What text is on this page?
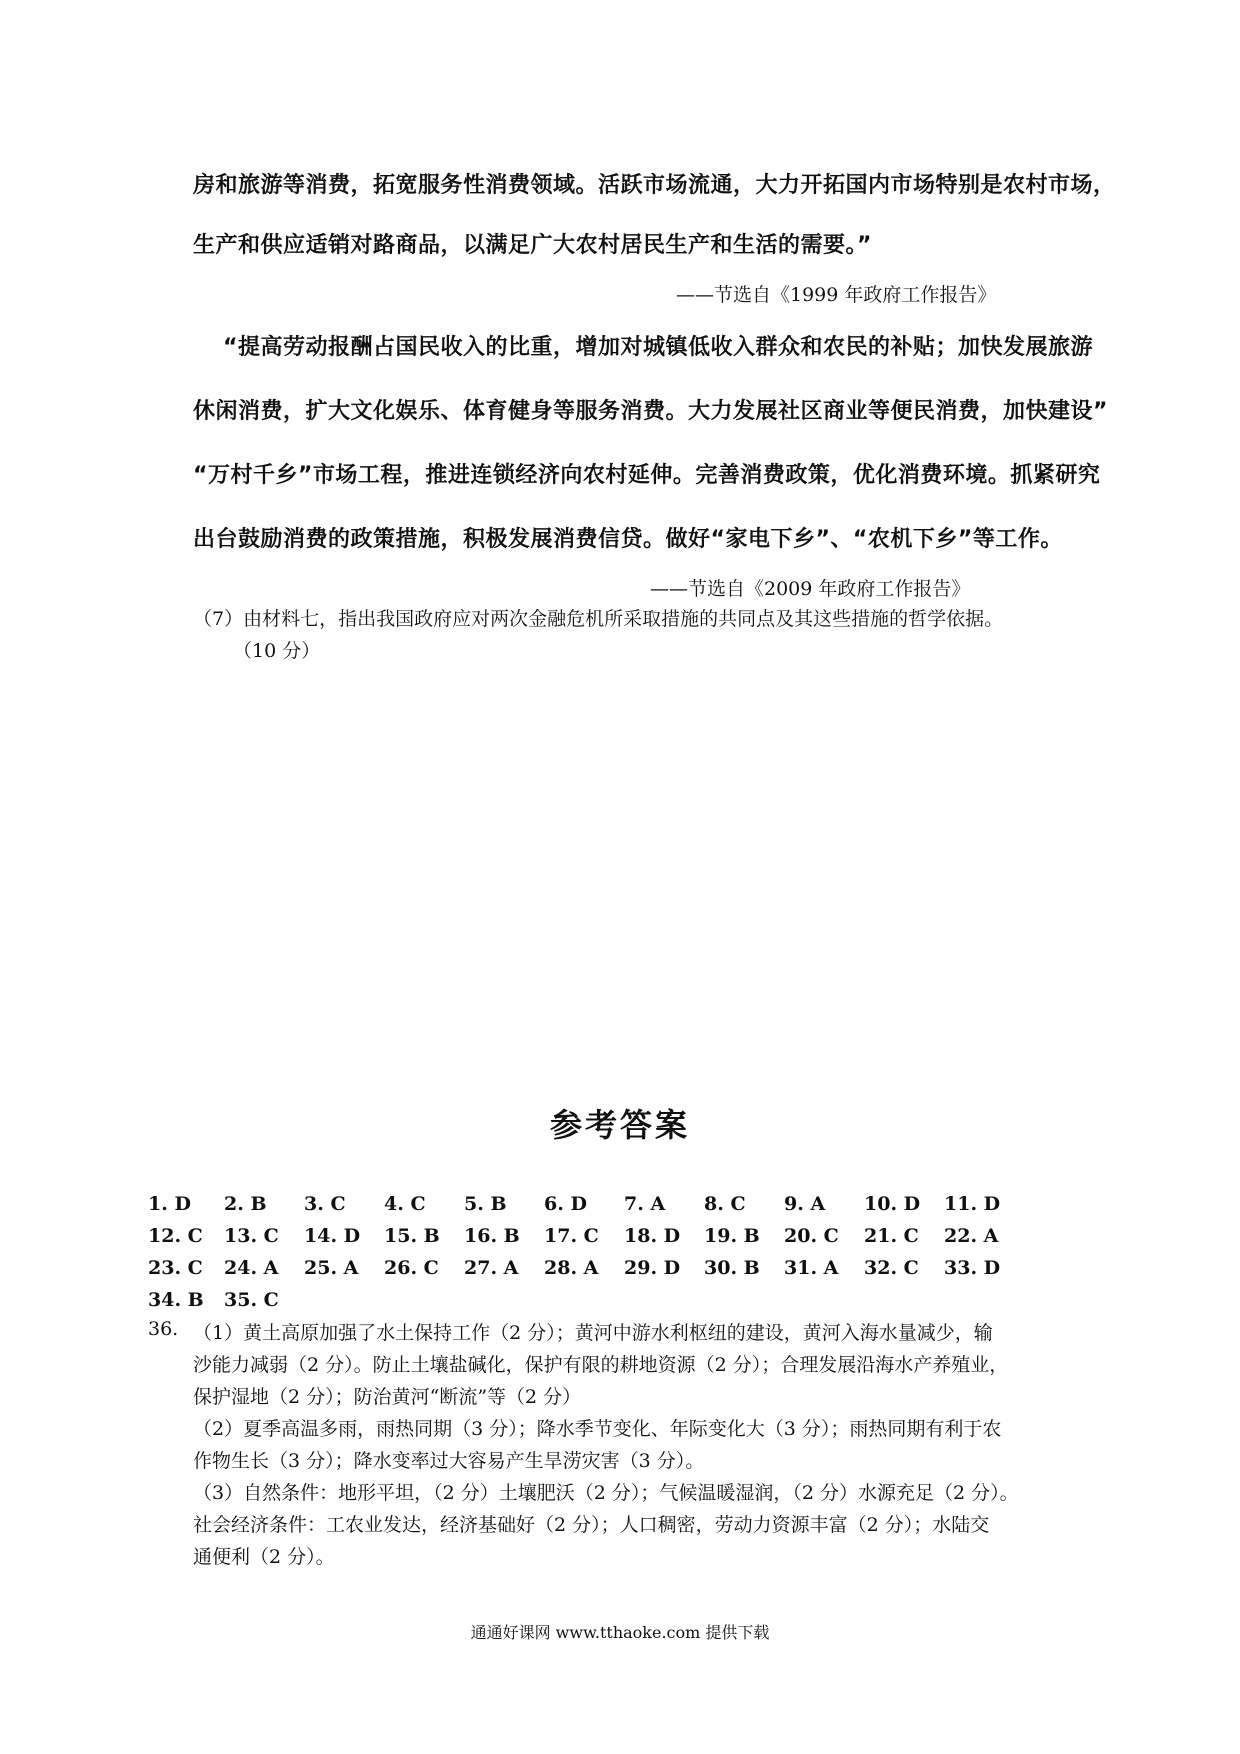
房和旅游等消费，拓宽服务性消费领域。活跃市场流通，大力开拓国内市场特别是农村市场，
生产和供应适销对路商品，以满足广大农村居民生产和生活的需要。”
——节选自《1999 年政府工作报告》
“提高劳动报酬占国民收入的比重，增加对城镇低收入群众和农民的补贴；加快发展旅游
休闲消费，扩大文化娱乐、体育健身等服务消费。大力发展社区商业等便民消费，加快建设”
“万村千乡”市场工程，推进连锁经济向农村延伸。完善消费政策，优化消费环境。抓紧研究
出台鼓励消费的政策措施，积极发展消费信贷。做好“家电下乡”、“农机下乡”等工作。
——节选自《2009 年政府工作报告》
（7）由材料七，指出我国政府应对两次金融危机所采取措施的共同点及其这些措施的哲学依据。
（10 分）
参考答案
1. D	2. B	3. C	4. C	5. B	6. D	7. A	8. C	9. A	10. D	11. D
12. C	13. C	14. D	15. B	16. B	17. C	18. D	19. B	20. C	21. C	22. A
23. C	24. A	25. A	26. C	27. A	28. A	29. D	30. B	31. A	32. C	33. D
34. B	35. C
36. （1）黄土高原加强了水土保持工作（2 分）；黄河中游水利枢纽的建设，黄河入海水量减少，输
沙能力减弱（2 分）。防止土壤盐碱化，保护有限的耕地资源（2 分）；合理发展沿海水产养殖业，
保护湿地（2 分）；防治黄河“断流”等（2 分）
（2）夏季高温多雨，雨热同期（3 分）；降水季节变化、年际变化大（3 分）；雨热同期有利于农
作物生长（3 分）；降水变率过大容易产生旱涝灾害（3 分）。
（3）自然条件：地形平坦，（2 分）土壤肥沃（2 分）；气候温暖湿润，（2 分）水源充足（2 分）。
社会经济条件：工农业发达，经济基础好（2 分）；人口稠密，劳动力资源丰富（2 分）；水陆交
通便利（2 分）。
通通好课网 www.tthaoke.com 提供下载
